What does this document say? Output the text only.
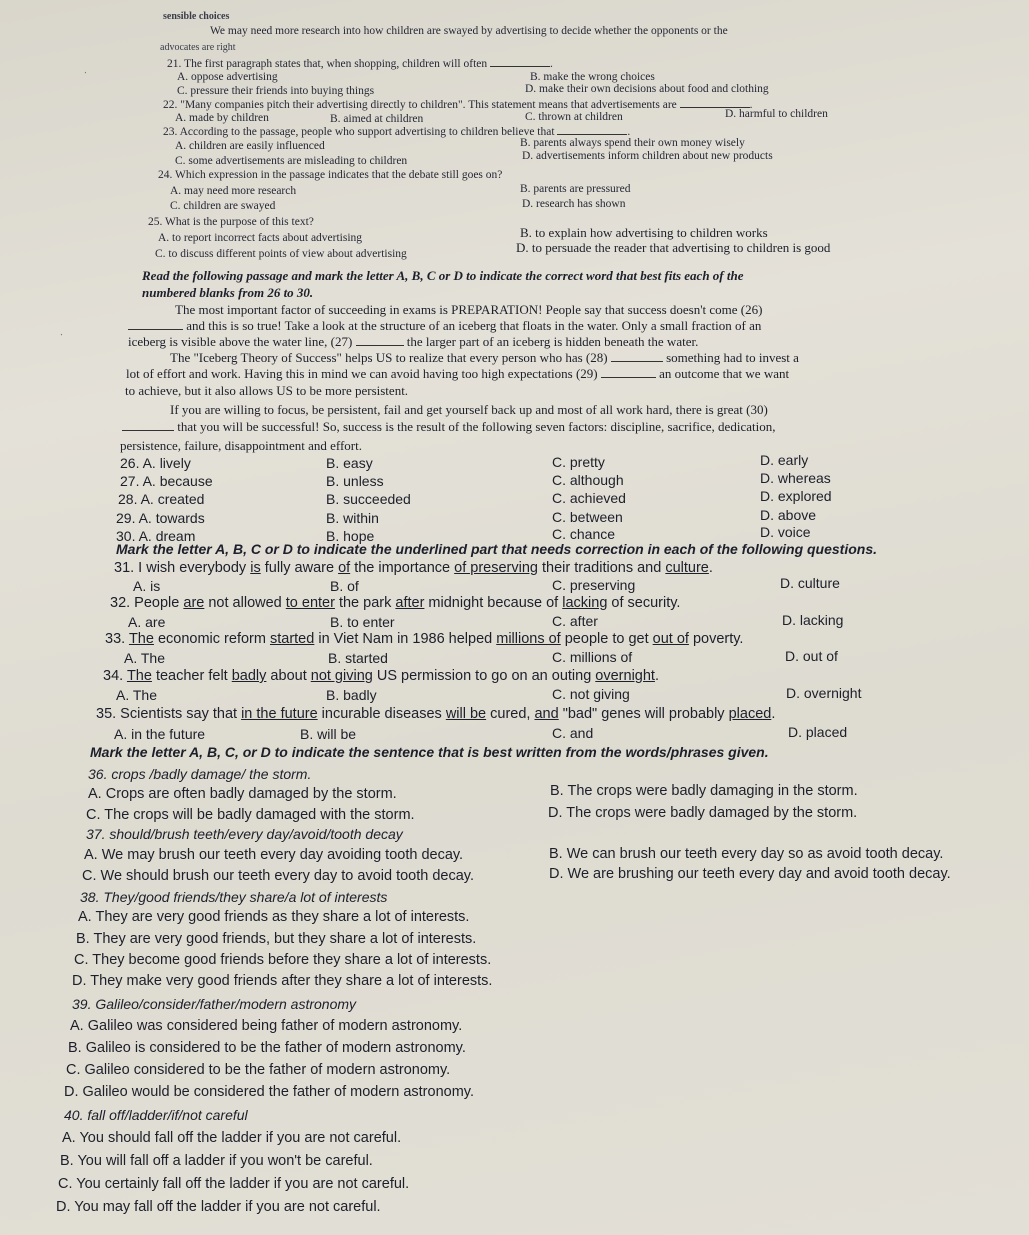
·
·
sensible choices
We may need more research into how children are swayed by advertising to decide whether the opponents or the
advocates are right
21. The first paragraph states that, when shopping, children will often	.
A. oppose advertising	B. make the wrong choices
C. pressure their friends into buying things	D. make their own decisions about food and clothing
22. "Many companies pitch their advertising directly to children". This statement means that advertisements are	.
A. made by children	B. aimed at children	C. thrown at children	D. harmful to children
23. According to the passage, people who support advertising to children believe that	.
A. children are easily influenced	B. parents always spend their own money wisely
C. some advertisements are misleading to children	D. advertisements inform children about new products
24. Which expression in the passage indicates that the debate still goes on?
A. may need more research	B. parents are pressured
C. children are swayed	D. research has shown
25. What is the purpose of this text?
A. to report incorrect facts about advertising	B. to explain how advertising to children works
C. to discuss different points of view about advertising	D. to persuade the reader that advertising to children is good
Read the following passage and mark the letter A, B, C or D to indicate the correct word that best fits each of the
numbered blanks from 26 to 30.
The most important factor of succeeding in exams is PREPARATION! People say that success doesn't come (26)
and this is so true! Take a look at the structure of an iceberg that floats in the water. Only a small fraction of an
iceberg is visible above the water line, (27)	the larger part of an iceberg is hidden beneath the water.
The "Iceberg Theory of Success" helps US to realize that every person who has (28)	something had to invest a
lot of effort and work. Having this in mind we can avoid having too high expectations (29)	an outcome that we want
to achieve, but it also allows US to be more persistent.
If you are willing to focus, be persistent, fail and get yourself back up and most of all work hard, there is great (30)
that you will be successful! So, success is the result of the following seven factors: discipline, sacrifice, dedication,
persistence, failure, disappointment and effort.
26. A. lively	B. easy	C. pretty	D. early
27. A. because	B. unless	C. although	D. whereas
28. A. created	B. succeeded	C. achieved	D. explored
29. A. towards	B. within	C. between	D. above
30. A. dream	B. hope	C. chance	D. voice
Mark the letter A, B, C or D to indicate the underlined part that needs correction in each of the following questions.
31. I wish everybody is fully aware of the importance of preserving their traditions and culture.
A. is	B. of	C. preserving	D. culture
32. People are not allowed to enter the park after midnight because of lacking of security.
A. are	B. to enter	C. after	D. lacking
33. The economic reform started in Viet Nam in 1986 helped millions of people to get out of poverty.
A. The	B. started	C. millions of	D. out of
34. The teacher felt badly about not giving US permission to go on an outing overnight.
A. The	B. badly	C. not giving	D. overnight
35. Scientists say that in the future incurable diseases will be cured, and "bad" genes will probably placed.
A. in the future	B. will be	C. and	D. placed
Mark the letter A, B, C, or D to indicate the sentence that is best written from the words/phrases given.
36. crops /badly damage/ the storm.
A. Crops are often badly damaged by the storm.	B. The crops were badly damaging in the storm.
C. The crops will be badly damaged with the storm.	D. The crops were badly damaged by the storm.
37. should/brush teeth/every day/avoid/tooth decay
A. We may brush our teeth every day avoiding tooth decay.	B. We can brush our teeth every day so as avoid tooth decay.
C. We should brush our teeth every day to avoid tooth decay.	D. We are brushing our teeth every day and avoid tooth decay.
38. They/good friends/they share/a lot of interests
A. They are very good friends as they share a lot of interests.
B. They are very good friends, but they share a lot of interests.
C. They become good friends before they share a lot of interests.
D. They make very good friends after they share a lot of interests.
39. Galileo/consider/father/modern astronomy
A. Galileo was considered being father of modern astronomy.
B. Galileo is considered to be the father of modern astronomy.
C. Galileo considered to be the father of modern astronomy.
D. Galileo would be considered the father of modern astronomy.
40. fall off/ladder/if/not careful
A. You should fall off the ladder if you are not careful.
B. You will fall off a ladder if you won't be careful.
C. You certainly fall off the ladder if you are not careful.
D. You may fall off the ladder if you are not careful.
